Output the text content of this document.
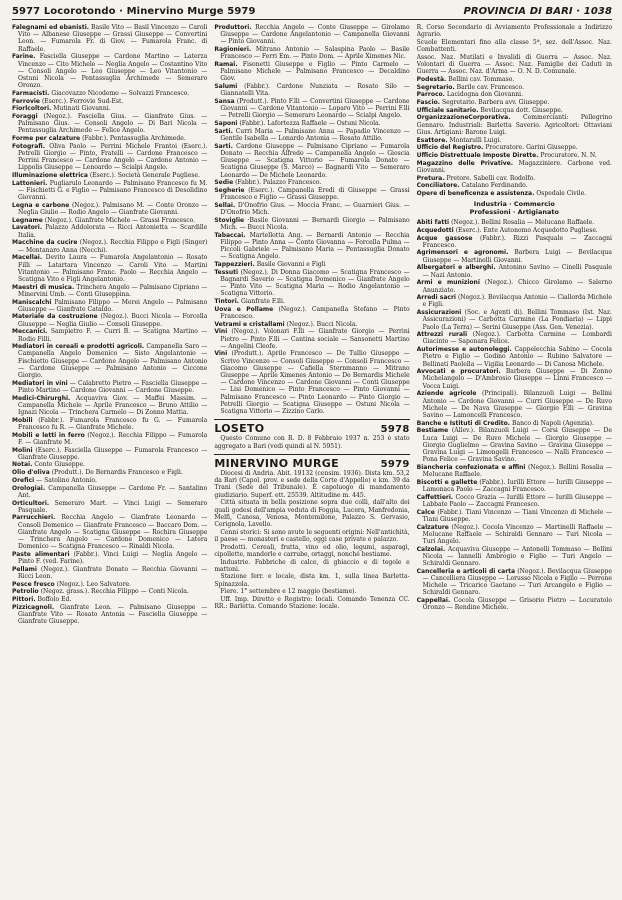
5977 Locorotondo · Minervino Murge 5979	PROVINCIA DI BARI · 1038

Falegnami ed ebanisti. Basile Vito — Basil Vincenzo — Caroli Vito — Albanese Giuseppe — Grassi Giuseppe — Convertini Leon. — Fumarola Fr. di Giov. — Fumarola Franc. di Raffaele.

Farine. Fasciella Giuseppe — Cardone Martino — Laterza Vincenzo — Cito Michele — Neglia Angelo — Costantino Vito — Consoli Angelo — Leo Giuseppe — Leo Vitantonio — Ostuni Nicola — Pentassuglia Archimede — Semeraro Oronzo.

Farmacisti. Giacovazzo Nicodemo — Solvazzi Francesco.

Ferrovie (Eserc.). Ferrovie Sud-Est.

Fiorlcoltori. Mutinati Giovanni.

Foraggi (Negoz.). Fasciella Gius. — Gianfrate Gius. — Palmisano Gius. — Consoli Angelo — Di Bari Nicola — Pentassuglia Archimede — Felice Angelo.

Forme per calzature (Fabbr.). Pentassuglia Archimede.

Fotografi. Oliva Paolo — Perrini Michele Frantoi (Eserc.). Petrelli Giorgio — Pinto, Fratelli — Cardone Francesco — Perrini Francesco — Cardone Angelo — Cardone Antonio — Lippolis Giuseppe — Lenoardo — Scialpi Angelo.

Illuminazione elettrica (Eserc.). Società Generale Pugliese.

Lattonieri. Pugliarulo Leonardo — Palmisano Francesco fu M. — Fischietti G. e Figlio — Palmisano Francesco di Desolidino Giovanni.

Legna e carbone (Negoz.). Palmisano M. — Conte Oronzo — Neglia Giulio — Rodio Angelo — Gianfrate Giovanni.

Legname (Negoz.). Gianfrate Michele — Grassi Francesco.

Lavatori. Palazzo Addolorata — Ricci Antonietta — Scardille Italia.

Macchine da cucire (Negoz.). Recchia Filippo e Figli (Singer) — Montanaro Anna (Necchi).

Macellai. Devito Laura — Fumarola Angelantonio — Rosato Filli — Latartara Vincenzo — Caroli Vito — Martini Vitantonio — Palmisano Franc. Paolo — Recchia Angelo — Scatigna Vito e Figli Angelantonio.

Maestri di musica. Trinchera Angelo — Palmisano Cipriano — Minervini Umb. — Conti Giuseppina.

Maniscalchi Palmisano Filippo — Merei Angelo — Palmisano Giuseppe — Gianfrate Cataldo.

Materiale da costruzione (Negoz.). Bucci Nicola — Forcella Giuseppe — Neglia Giulio — Consoli Giuseppe.

Meccanici. Sampietro F. — Curri B. — Scatigna Martino — Rodio Filli.

Mediatori in cereali e prodotti agricoli. Campanella Saro — Campanella Angelo Domenico — Sisto Angelantonio — Fischietto Giuseppe — Cardone Angelo — Palmisano Antonio — Cardone Giuseppe — Palmisano Antonio — Ciccone Giorgio.

Mediatori in vini — Calabretto Pietro — Fasciella Giuseppe — Pinto Martino — Cardone Giovanni — Cardone Giuseppe.

Medici-Chirurghi. Acquaviva Giov. — Maffei Massim. — Campanella Michele — Aprile Francesco — Bruno Attilio — Ignazi Nicola — Trinchera Carmelo — Di Zonno Mattia.

Mobili (Fabbr.). Fumarola Francesco fu G. — Fumarola Francesco fu R. — Gianfrate Michele.

Mobili e letti in ferro (Negoz.). Recchia Filippo — Fumarola F. — Gianfrate M.

Molini (Eserc.). Fasciella Giuseppe — Fumarola Francesco — Gianfrate Giuseppe.

Notai. Conte Giuseppe.

Olio d'oliva (Produtt.). De Bernardis Francesco e Figli.

Orefici — Satolino Antonio.

Orologiai. Campanella Giuseppe — Cardone Fr. — Santalino Ant.

Orticultori. Semeraro Mart. — Vinci Luigi — Semeraro Pasquale.

Parrucchieri. Recchia Angelo — Gianfrate Leonardo — Consoli Domenico — Gianfrate Francesco — Baccaro Dom. — Gianfrate Angelo — Scatigna Giuseppe — Rochira Giuseppe — Trinchera Angelo — Cardone Domenico — Latera Domenico — Scatigna Francesco — Rinaldi Nicola.

Paste alimentari (Fabbr.). Vinci Luigi — Neglia Angelo — Pinto F. (ved. Farine).

Pellami (Negoz.). Gianfrate Donato — Recchia Giovanni — Ricci Leon.

Pesce fresco (Negoz.). Leo Salvatore.

Petrolio (Negoz. grass.). Recchia Filippo — Conti Nicola.

Pittori. Boffolo Ed.

Pizzicagnoli. Gianfrate Leon. — Palmisano Giuseppe — Gianfrate Vito — Rosato Antonia — Fasciella Giuseppe — Gianfrate Giuseppe.

Produttori. Recchia Angelo — Conte Giuseppe — Girolamo Giuseppe — Cardone Angelantonio — Campanella Giovanni — Pinto Giovanni.

Ragionieri. Mitrano Antonio — Salaspina Paolo — Basile Francesco — Ferri Em. — Pinto Dom. — Aprile Ximenes Nic.

Ramai. Fisonetti Giuseppe e Figlio — Pinto Carmelo — Palmisano Michele — Palmisano Francesco — Decaldino Giov.

Salumi (Fabbr.). Cardone Nunziata — Rosato Silo — Giannatelli Vita.

Sansa (Produtt.). Pinto F.lli — Convertini Giuseppe — Cardone Giovanni — Cardone Vitantonio — Loparo Vito — Perrini F.lli — Petrelli Giorgio — Semeraro Leonardo — Scialpi Angelo.

Saponi (Fabbr.). Lafortezza Raffaele — Ostuni Nicola.

Sarti. Curri Maria — Palmisano Anna — Papadio Vincenzo — Gentile Isabella — Lonardo Antonia — Rosato Attilio.

Sarti. Cardone Giuseppe — Palmisano Cipriano — Fumarola Donato — Recchia Alfredo — Campanella Angelo — Gioscia Giuseppe — Scatigna Vittorio — Fumarola Donato — Scatigna Giuseppe (S. Marco) — Bagnardi Vito — Semeraro Leonardo — De Michele Leonardo.

Sedie (Fabbr.). Palazzo Francesco.

Segherie (Eserc.). Campanella Eredi di Giuseppe — Grassi Francesco e Figlio — Grassi Giuseppe.

Sellai. D'Onofrio Gius. — Moccia Franc. — Guarnieri Gius. — D'Onofrio Mich.

Stoviglie ·Basile Giovanni — Bernardi Giorgio — Palmisano Mich. — Bucci Nicola.

Tabaccai. Martellotta Ang. — Bernardi Antonio — Recchia Filippo — Pinto Anna — Conte Giovanna — Forcella Pulma — Piccoli Gabriele — Palmisano Maria — Pentassuglia Donato — Scatigna Angelo.

Tappezzieri. Basile Giovanni e Figli

Tessuti (Negoz.). Di Donna Giacomo — Scatigna Francesco — Bagnardi Saverio — Scatigna Domenico — Gianfrate Angelo — Pinto Vito — Scatigna Maria — Rodio Angelantonio — Scatigna Vittorio.

Tintori. Gianfrate F.lli.

Uova e Pollame (Negoz.). Campanella Stefano — Pinto Francesco.

Vetrami e cristallami (Negoz.). Bucci Nicola.

Vini (Negoz.). Volonari F.lli — Gianfrate Giorgio — Perrini Pietro — Pinto F.lli — Cantina sociale — Sansonetti Martino — Angelini Cleofe.

Vini (Produtt.). Aprile Francesco — De Tullio Giuseppe — Scrivo Vincenzo — Consoli Giuseppe — Consoli Francesco — Giacomo Giuseppe — Cafiella Sternmanno — Mitrano Giuseppe — Aprile Ximenes Antonio — De Bernardis Michele — Cardone Vincenzo — Cardone Giovanni — Conti Giuseppe — Lisi Domenico — Pinto Francesco — Pinto Giovanni — Palmisano Francesco — Pinto Leonardo — Pinto Giorgio — Petrelli Giorgio — Scatigna Giuseppe — Ostuni Nicola — Scatigna Vittorio — Zizzino Carlo.

LOSETO	5978

Questo Comune con R. D. 8 Febbraio 1937 n. 253 è stato aggregato a Bari (vedi quindi al N. 5951).

MINERVINO MURGE	5979

Diocesi di Andria. Abit. 19132 (censim. 1936). Dista km. 53,2 da Bari (Capol. prov. e sede della Corte d'Appello) e km. 39 da Trani (Sede del Tribunale). È capoluogo di mandamento giudiziario. Superf. ett. 25539. Altitudine m. 445.

Città situata in bella posizione sopra due colli, dall'alto dei quali godesi dell'ampia veduta di Foggia, Lucera, Manfredonia, Melfi, Canosa, Venosa, Montemilone, Palazzo S. Gervasio, Cerignola, Lavello.

Cenni storici: Si sono avute le seguenti origini: Nell'antichità, il paese — monasteri e castello, oggi case private e palazzo.

Prodotti. Cereali, frutta, vino ed olio, legumi, asparagi, cipollette, mandorle e carrube, ortaggi, nonché bestiame.

Industrie. Fabbriche di calce, di ghiaccio e di tegole e mattoni.

Stazione ferr. e locale, dista km. 1, sulla linea Barletta-Spinazzola.

Fiere. 1° settembre e 12 maggio (bestiame).

Uff. Imp. Diretto e Registro: locali. Comando Tenenza CC. RR.: Barletta. Comando Stazione: locale.

R. Corso Secondario di Avviamento Professionale a Indirizzo Agrario.

Scuole Elementari fino alla classe 5ª, sez. dell'Assoc. Naz. Combattenti.

Assoc. Naz. Mutilati e Invalidi di Guerra — Assoc. Naz. Volontari di Guerra — Assoc. Naz. Famiglie dei Caduti in Guerra — Assoc. Naz. d'Arma — O. N. D. Comunale.

Podestà. Bellini cav. Tommaso.

Segretario. Barile cav. Francesco.

Parroco. Lacidogna don Giovanni.

Fascio. Segretario. Barbera avv. Giuseppe.

Ufficiale sanitario. Bevilacqua dott. Giuseppe.

OrganizzazioneCorporativa. Commercianti: Pellegrino Gennaro. Industriali: Barletta Saverio. Agricoltori: Ottaviani Gius. Artigiani: Barone Luigi.

Esattore. Montarulli Luigi.

Ufficio del Registro. Procuratore. Garini Giuseppe.

Ufficio Distrettuale Imposte Dirette. Procuratore. N. N.

Magazzino delle Privative. Magazziniere. Carbone ved. Giovanni.

Pretura. Pretore. Sabelli cav. Rodolfo.

Conciliatore. Catalano Ferdinando.

Opere di beneficenza e assistenza. Ospedale Civile.

Industria · Commercio
Professioni · Artigianato

Abiti fatti (Negoz.). Bellini Rosalia — Melucane Raffaele.

Acquedotti (Eserc.). Ente Autonomo Acquedotto Pugliese.

Acque gassose (Fabbr.). Rizzi Pasquale — Zaccagni Francesco.

Agrimensori e agronomi. Barbera Luigi — Bevilacqua Giuseppe — Martinelli Giovanni.

Albergatori e alberghi. Antonino Savino — Cinelli Pasquale — Nazi Antonio.

Armi e munizioni (Negoz.). Chicco Girolamo — Salerno Anunziato.

Arredi sacri (Negoz.). Bevilacqua Antonio — Ciallorda Michele e Figli.

Assicurazioni (Soc. e Agenti di). Bellini Tommaso (Ist. Naz. Assicurazioni) — Carbotta Carmine (La Fondiaria) — Lippi Paolo (La Terra) — Serini Giuseppe (Ass. Gen. Venezia).

Attrezzi rurali (Negoz.). Carbotta Carmine — Lombardi Giacinto — Saponara Felice.

Autorimesse e autonoleggi. Cappelecchia Sabino — Cocola Pietro e Figlio — Godino Antonio — Rubino Salvatore — Bellinati Paolella — Vigilia Leonardo — Di Canosa Michele.

Avvocati e procuratori. Barbera Giuseppe — Di Zonno Michelangelo — D'Ambrosio Giuseppe — Linni Francesco — Vocca Luigi.

Aziende agricole (Principali). Bilanzuoli Luigi — Bellini Antonio — Cardone Giovanni — Curri Giuseppe — De Ruvo Michele — De Nava Giuseppe — Giorgio F.lli — Gravina Savino — Lamoncelli Francesco.

Banche e Istituti di Credito. Banco di Napoli (Agenzia).

Bestiame (Allev.). Bilanzuoli Luigi — Corsi Giuseppe — De Luca Luigi — De Ruvo Michele — Giorgio Giuseppe — Giorgio Guglielmo — Gravina Savino — Gravina Giuseppe — Gravina Luigi — Limongelli Francesco — Nalli Francesco — Pona Felice — Gravina Savino.

Biancheria confezionata e affini (Negoz.). Bellini Rosalia — Melucane Raffaele.

Biscotti e gallette (Fabbr.). Iurilli Ettore — Iurilli Giuseppe — Lamonaca Paolo — Zaccagni Francesco.

Caffettieri. Cocco Grazia — Iurilli Ettore — Iurilli Giuseppe — Labbate Paolo — Zaccagni Francesco.

Calce (Fabbr.). Tiani Vincenzo — Tiani Vincenzo di Michele — Tiani Giuseppe.

Calzature (Negoz.). Cocola Vincenzo — Martinelli Raffaele — Melucane Raffaele — Schiraldi Gennaro — Turi Nicola — Turi Angelo.

Calzolai. Acquaviva Giuseppe — Antonelli Tommaso — Bellini Nicola — Iannelli Ambrogio e Figlio — Turi Angelo — Schiraldi Gennaro.

Cancelleria e articoli di carta (Negoz.). Bevilacqua Giuseppe — Cancelliera Giuseppe — Lorusso Nicola e Figlio — Perrone Michele — Tricarico Gaetano — Turi Arcangelo e Figlio — Schiraldi Gennaro.

Cappellai. Cocola Giuseppe — Grisorio Pietro — Locuratolo Oronzo — Rendine Michele.
